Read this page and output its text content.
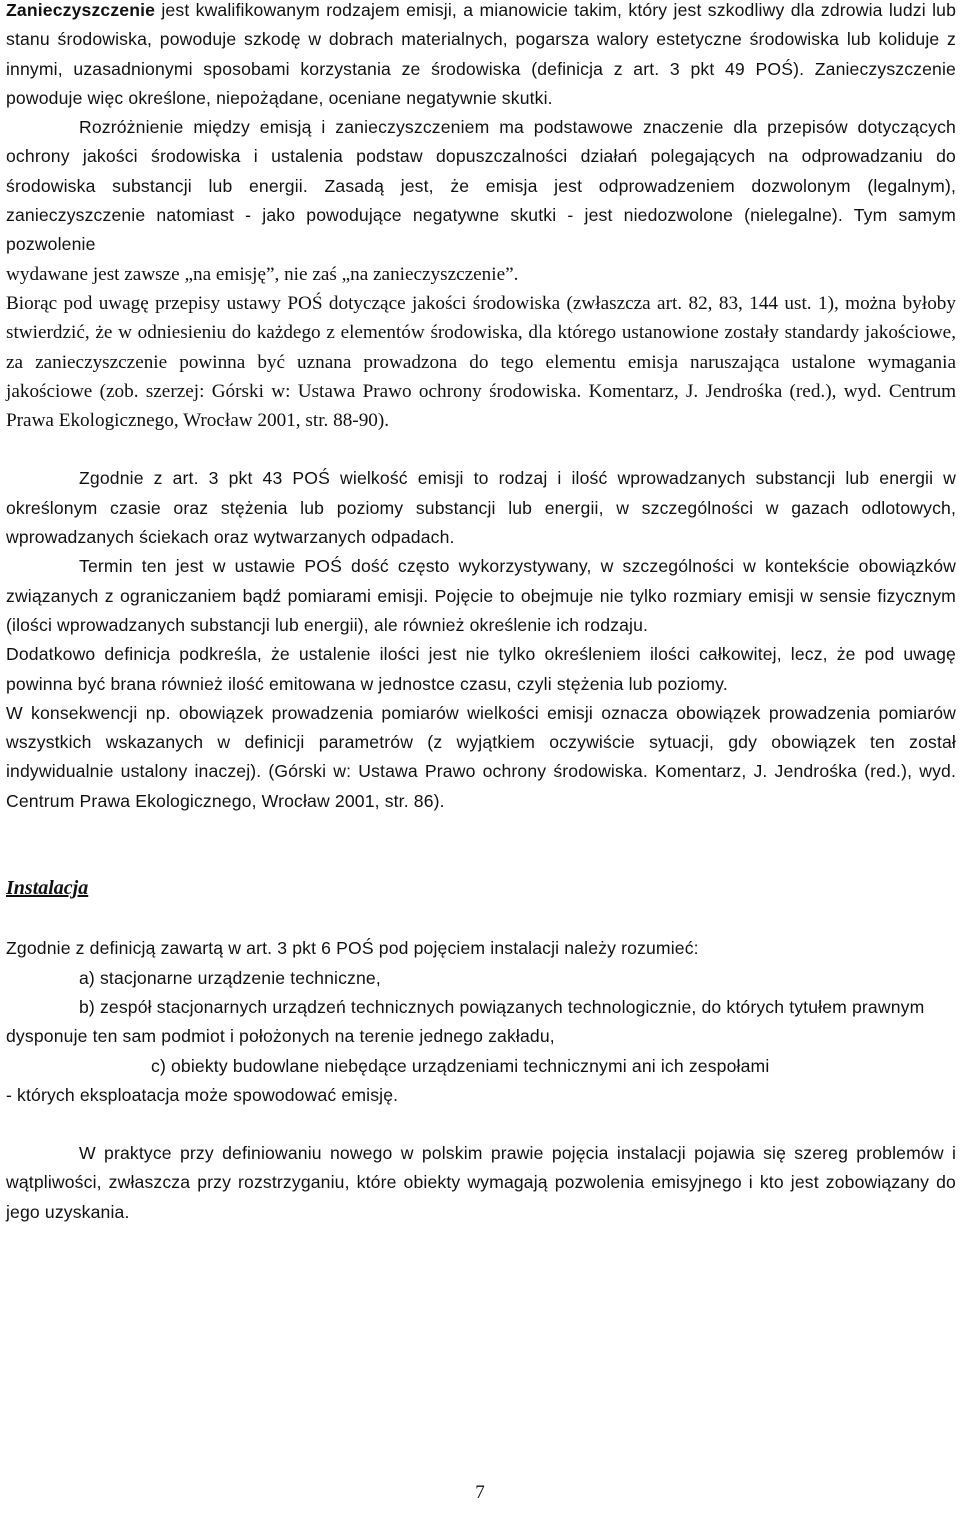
Zanieczyszczenie jest kwalifikowanym rodzajem emisji, a mianowicie takim, który jest szkodliwy dla zdrowia ludzi lub stanu środowiska, powoduje szkodę w dobrach materialnych, pogarsza walory estetyczne środowiska lub koliduje z innymi, uzasadnionymi sposobami korzystania ze środowiska (definicja z art. 3 pkt 49 POŚ). Zanieczyszczenie powoduje więc określone, niepożądane, oceniane negatywnie skutki.

Rozróżnienie między emisją i zanieczyszczeniem ma podstawowe znaczenie dla przepisów dotyczących ochrony jakości środowiska i ustalenia podstaw dopuszczalności działań polegających na odprowadzaniu do środowiska substancji lub energii. Zasadą jest, że emisja jest odprowadzeniem dozwolonym (legalnym), zanieczyszczenie natomiast - jako powodujące negatywne skutki - jest niedozwolone (nielegalne). Tym samym pozwolenie

wydawane jest zawsze „na emisję”, nie zaś „na zanieczyszczenie”.

Biorąc pod uwagę przepisy ustawy POŚ dotyczące jakości środowiska (zwłaszcza art. 82, 83, 144 ust. 1), można byłoby stwierdzić, że w odniesieniu do każdego z elementów środowiska, dla którego ustanowione zostały standardy jakościowe, za zanieczyszczenie powinna być uznana prowadzona do tego elementu emisja naruszająca ustalone wymagania jakościowe (zob. szerzej: Górski w: Ustawa Prawo ochrony środowiska. Komentarz, J. Jendrośka (red.), wyd. Centrum Prawa Ekologicznego, Wrocław 2001, str. 88-90).

Zgodnie z art. 3 pkt 43 POŚ wielkość emisji to rodzaj i ilość wprowadzanych substancji lub energii w określonym czasie oraz stężenia lub poziomy substancji lub energii, w szczególności w gazach odlotowych, wprowadzanych ściekach oraz wytwarzanych odpadach.

Termin ten jest w ustawie POŚ dość często wykorzystywany, w szczególności w kontekście obowiązków związanych z ograniczaniem bądź pomiarami emisji. Pojęcie to obejmuje nie tylko rozmiary emisji w sensie fizycznym (ilości wprowadzanych substancji lub energii), ale również określenie ich rodzaju.

Dodatkowo definicja podkreśla, że ustalenie ilości jest nie tylko określeniem ilości całkowitej, lecz, że pod uwagę powinna być brana również ilość emitowana w jednostce czasu, czyli stężenia lub poziomy.

W konsekwencji np. obowiązek prowadzenia pomiarów wielkości emisji oznacza obowiązek prowadzenia pomiarów wszystkich wskazanych w definicji parametrów (z wyjątkiem oczywiście sytuacji, gdy obowiązek ten został indywidualnie ustalony inaczej). (Górski w: Ustawa Prawo ochrony środowiska. Komentarz, J. Jendrośka (red.), wyd. Centrum Prawa Ekologicznego, Wrocław 2001, str. 86).

Instalacja

Zgodnie z definicją zawartą w art. 3 pkt 6 POŚ pod pojęciem instalacji należy rozumieć:

a) stacjonarne urządzenie techniczne,

b) zespół stacjonarnych urządzeń technicznych powiązanych technologicznie, do których tytułem prawnym dysponuje ten sam podmiot i położonych na terenie jednego zakładu,

c) obiekty budowlane niebędące urządzeniami technicznymi ani ich zespołami

- których eksploatacja może spowodować emisję.

W praktyce przy definiowaniu nowego w polskim prawie pojęcia instalacji pojawia się szereg problemów i wątpliwości, zwłaszcza przy rozstrzyganiu, które obiekty wymagają pozwolenia emisyjnego i kto jest zobowiązany do jego uzyskania.

7
